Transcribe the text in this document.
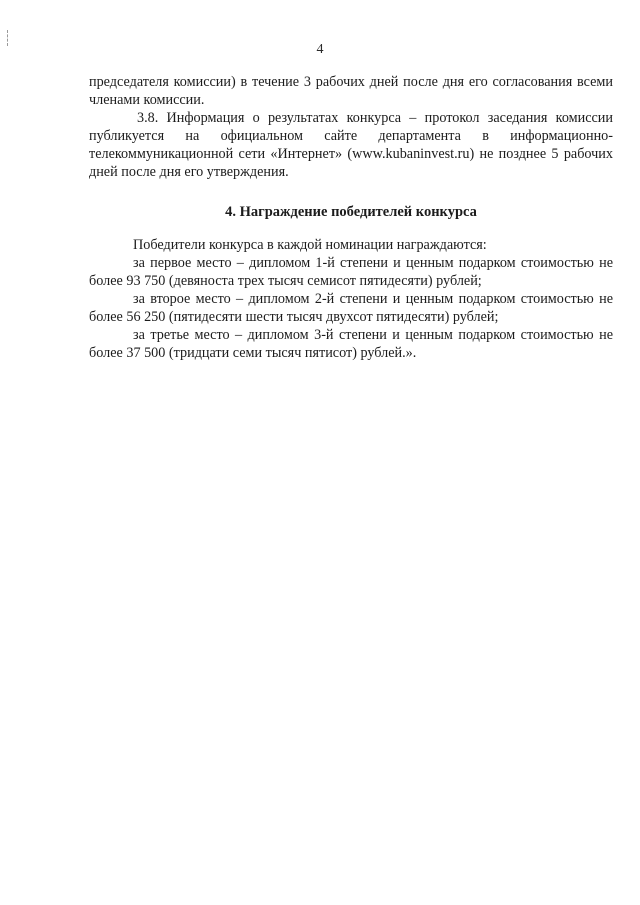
4

председателя комиссии) в течение 3 рабочих дней после дня его согласования всеми членами комиссии.

3.8. Информация о результатах конкурса – протокол заседания комиссии публикуется на официальном сайте департамента в информационно-телекоммуникационной сети «Интернет» (www.kubaninvest.ru) не позднее 5 рабочих дней после дня его утверждения.

4. Награждение победителей конкурса

Победители конкурса в каждой номинации награждаются:

за первое место – дипломом 1-й степени и ценным подарком стоимостью не более 93 750 (девяноста трех тысяч семисот пятидесяти) рублей;

за второе место – дипломом 2-й степени и ценным подарком стоимостью не более 56 250 (пятидесяти шести тысяч двухсот пятидесяти) рублей;

за третье место – дипломом 3-й степени и ценным подарком стоимостью не более 37 500 (тридцати семи тысяч пятисот) рублей.».
